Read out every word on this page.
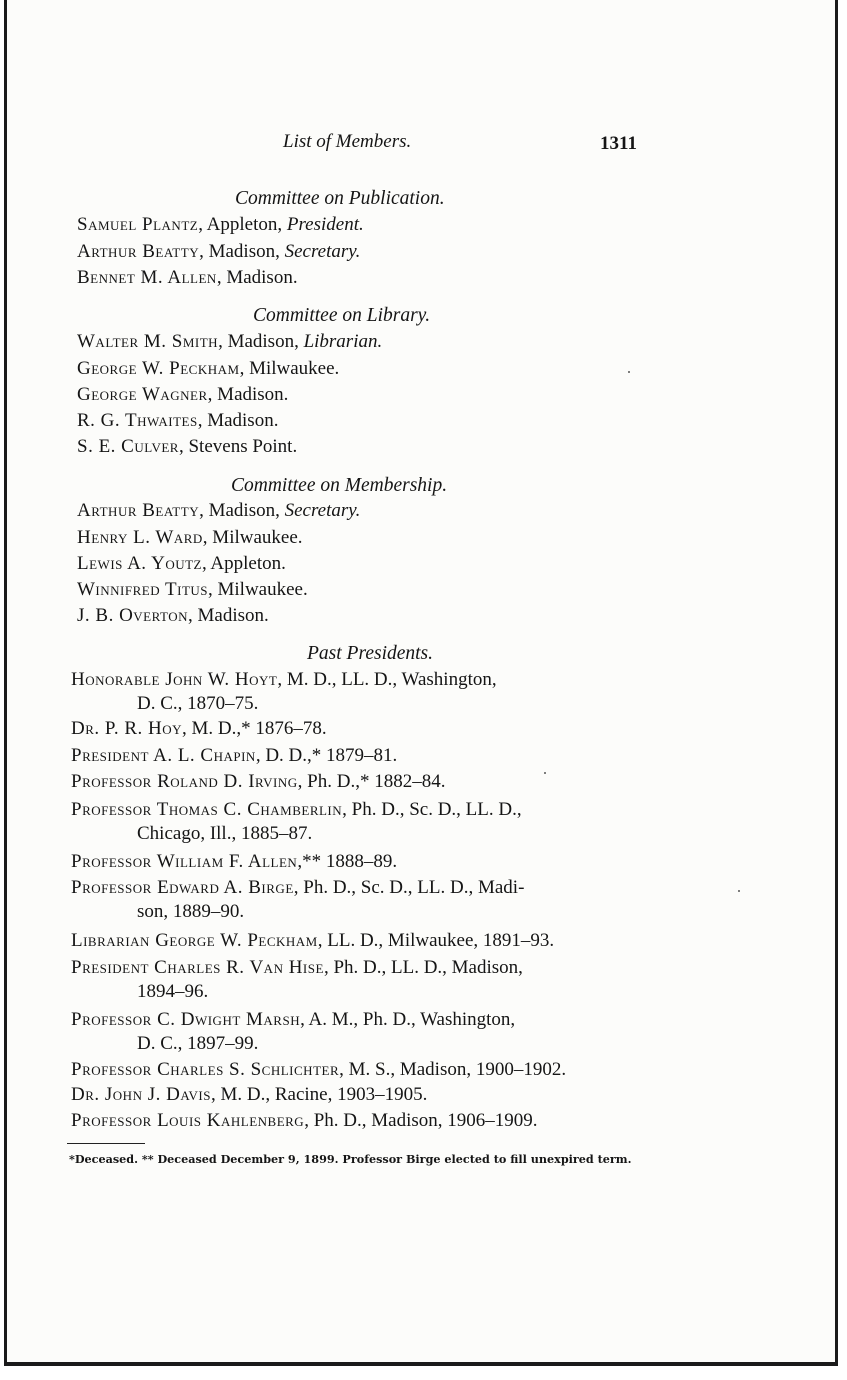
List of Members.	1311
Committee on Publication.
Samuel Plantz, Appleton, President.
Arthur Beatty, Madison, Secretary.
Bennet M. Allen, Madison.
Committee on Library.
Walter M. Smith, Madison, Librarian.
George W. Peckham, Milwaukee.
George Wagner, Madison.
R. G. Thwaites, Madison.
S. E. Culver, Stevens Point.
Committee on Membership.
Arthur Beatty, Madison, Secretary.
Henry L. Ward, Milwaukee.
Lewis A. Youtz, Appleton.
Winnifred Titus, Milwaukee.
J. B. Overton, Madison.
Past Presidents.
Honorable John W. Hoyt, M. D., LL. D., Washington,
D. C., 1870–75.
Dr. P. R. Hoy, M. D.,* 1876–78.
President A. L. Chapin, D. D.,* 1879–81.
Professor Roland D. Irving, Ph. D.,* 1882–84.
Professor Thomas C. Chamberlin, Ph. D., Sc. D., LL. D.,
Chicago, Ill., 1885–87.
Professor William F. Allen,** 1888–89.
Professor Edward A. Birge, Ph. D., Sc. D., LL. D., Madi-
son, 1889–90.
Librarian George W. Peckham, LL. D., Milwaukee, 1891–93.
President Charles R. Van Hise, Ph. D., LL. D., Madison,
1894–96.
Professor C. Dwight Marsh, A. M., Ph. D., Washington,
D. C., 1897–99.
Professor Charles S. Schlichter, M. S., Madison, 1900–1902.
Dr. John J. Davis, M. D., Racine, 1903–1905.
Professor Louis Kahlenberg, Ph. D., Madison, 1906–1909.
*Deceased. ** Deceased December 9, 1899. Professor Birge elected to fill unexpired term.
